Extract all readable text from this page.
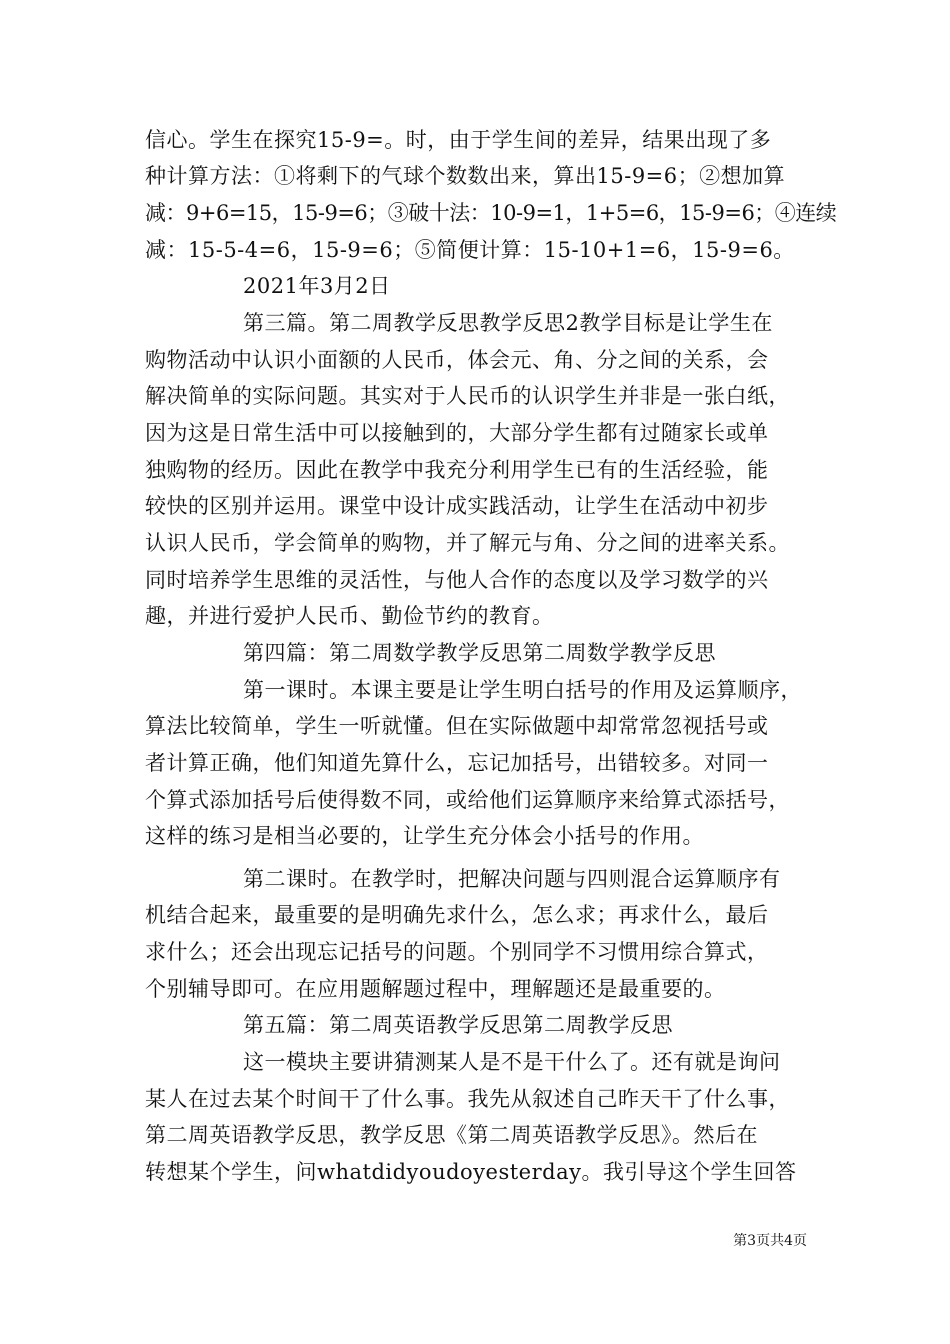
信心。学生在探究15-9=。时，由于学生间的差异，结果出现了多
种计算方法：①将剩下的气球个数数出来，算出15-9=6；②想加算
减：9+6=15，15-9=6；③破十法：10-9=1，1+5=6，15-9=6；④连续
减：15-5-4=6，15-9=6；⑤简便计算：15-10+1=6，15-9=6。
2021年3月2日
第三篇。第二周教学反思教学反思2教学目标是让学生在
购物活动中认识小面额的人民币，体会元、角、分之间的关系，会
解决简单的实际问题。其实对于人民币的认识学生并非是一张白纸，
因为这是日常生活中可以接触到的，大部分学生都有过随家长或单
独购物的经历。因此在教学中我充分利用学生已有的生活经验，能
较快的区别并运用。课堂中设计成实践活动，让学生在活动中初步
认识人民币，学会简单的购物，并了解元与角、分之间的进率关系。
同时培养学生思维的灵活性，与他人合作的态度以及学习数学的兴
趣，并进行爱护人民币、勤俭节约的教育。
第四篇：第二周数学教学反思第二周数学教学反思
第一课时。本课主要是让学生明白括号的作用及运算顺序，
算法比较简单，学生一听就懂。但在实际做题中却常常忽视括号或
者计算正确，他们知道先算什么，忘记加括号，出错较多。对同一
个算式添加括号后使得数不同，或给他们运算顺序来给算式添括号，
这样的练习是相当必要的，让学生充分体会小括号的作用。
第二课时。在教学时，把解决问题与四则混合运算顺序有
机结合起来，最重要的是明确先求什么，怎么求；再求什么，最后
求什么；还会出现忘记括号的问题。个别同学不习惯用综合算式，
个别辅导即可。在应用题解题过程中，理解题还是最重要的。
第五篇：第二周英语教学反思第二周教学反思
这一模块主要讲猜测某人是不是干什么了。还有就是询问
某人在过去某个时间干了什么事。我先从叙述自己昨天干了什么事，
第二周英语教学反思，教学反思《第二周英语教学反思》。然后在
转想某个学生，问whatdidyoudoyesterday。我引导这个学生回答
第3页共4页
